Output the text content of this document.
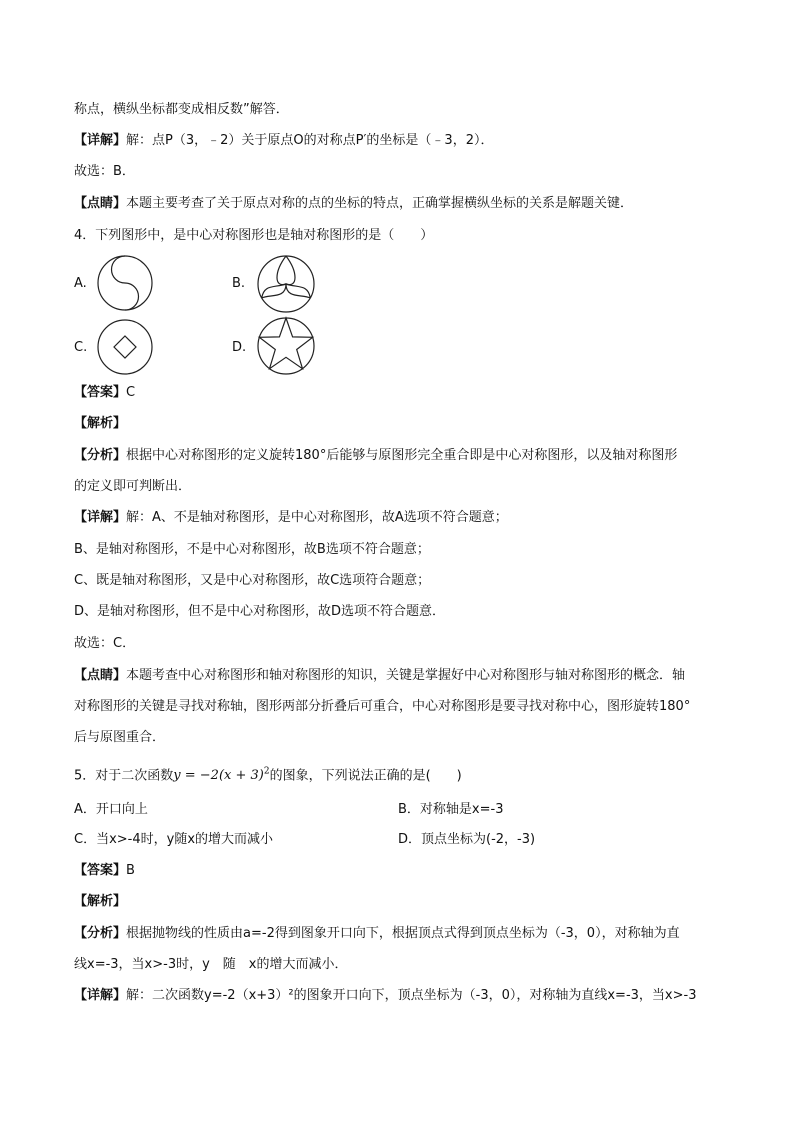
称点，横纵坐标都变成相反数”解答．
【详解】解：点P（3，﹣2）关于原点O的对称点P′的坐标是（﹣3，2）．
故选：B．
【点睛】本题主要考查了关于原点对称的点的坐标的特点，正确掌握横纵坐标的关系是解题关键．
4．下列图形中，是中心对称图形也是轴对称图形的是（　　）
A.	B.
C.	D.
【答案】C
【解析】
【分析】根据中心对称图形的定义旋转180°后能够与原图形完全重合即是中心对称图形，以及轴对称图形
的定义即可判断出．
【详解】解：A、不是轴对称图形，是中心对称图形，故A选项不符合题意；
B、是轴对称图形，不是中心对称图形，故B选项不符合题意；
C、既是轴对称图形，又是中心对称图形，故C选项符合题意；
D、是轴对称图形，但不是中心对称图形，故D选项不符合题意．
故选：C．
【点睛】本题考查中心对称图形和轴对称图形的知识，关键是掌握好中心对称图形与轴对称图形的概念．轴
对称图形的关键是寻找对称轴，图形两部分折叠后可重合，中心对称图形是要寻找对称中心，图形旋转180°
后与原图重合．
5．对于二次函数$y = -2(x + 3)^2$的图象，下列说法正确的是(　　)
A．开口向上	B．对称轴是x=-3
C．当x>-4时，y随x的增大而减小	D．顶点坐标为(-2，-3)
【答案】B
【解析】
【分析】根据抛物线的性质由a=-2得到图象开口向下，根据顶点式得到顶点坐标为（-3，0），对称轴为直
线x=-3，当x>-3时，y　随　x的增大而减小．
【详解】解：二次函数y=-2（x+3）²的图象开口向下，顶点坐标为（-3，0），对称轴为直线x=-3，当x>-3
